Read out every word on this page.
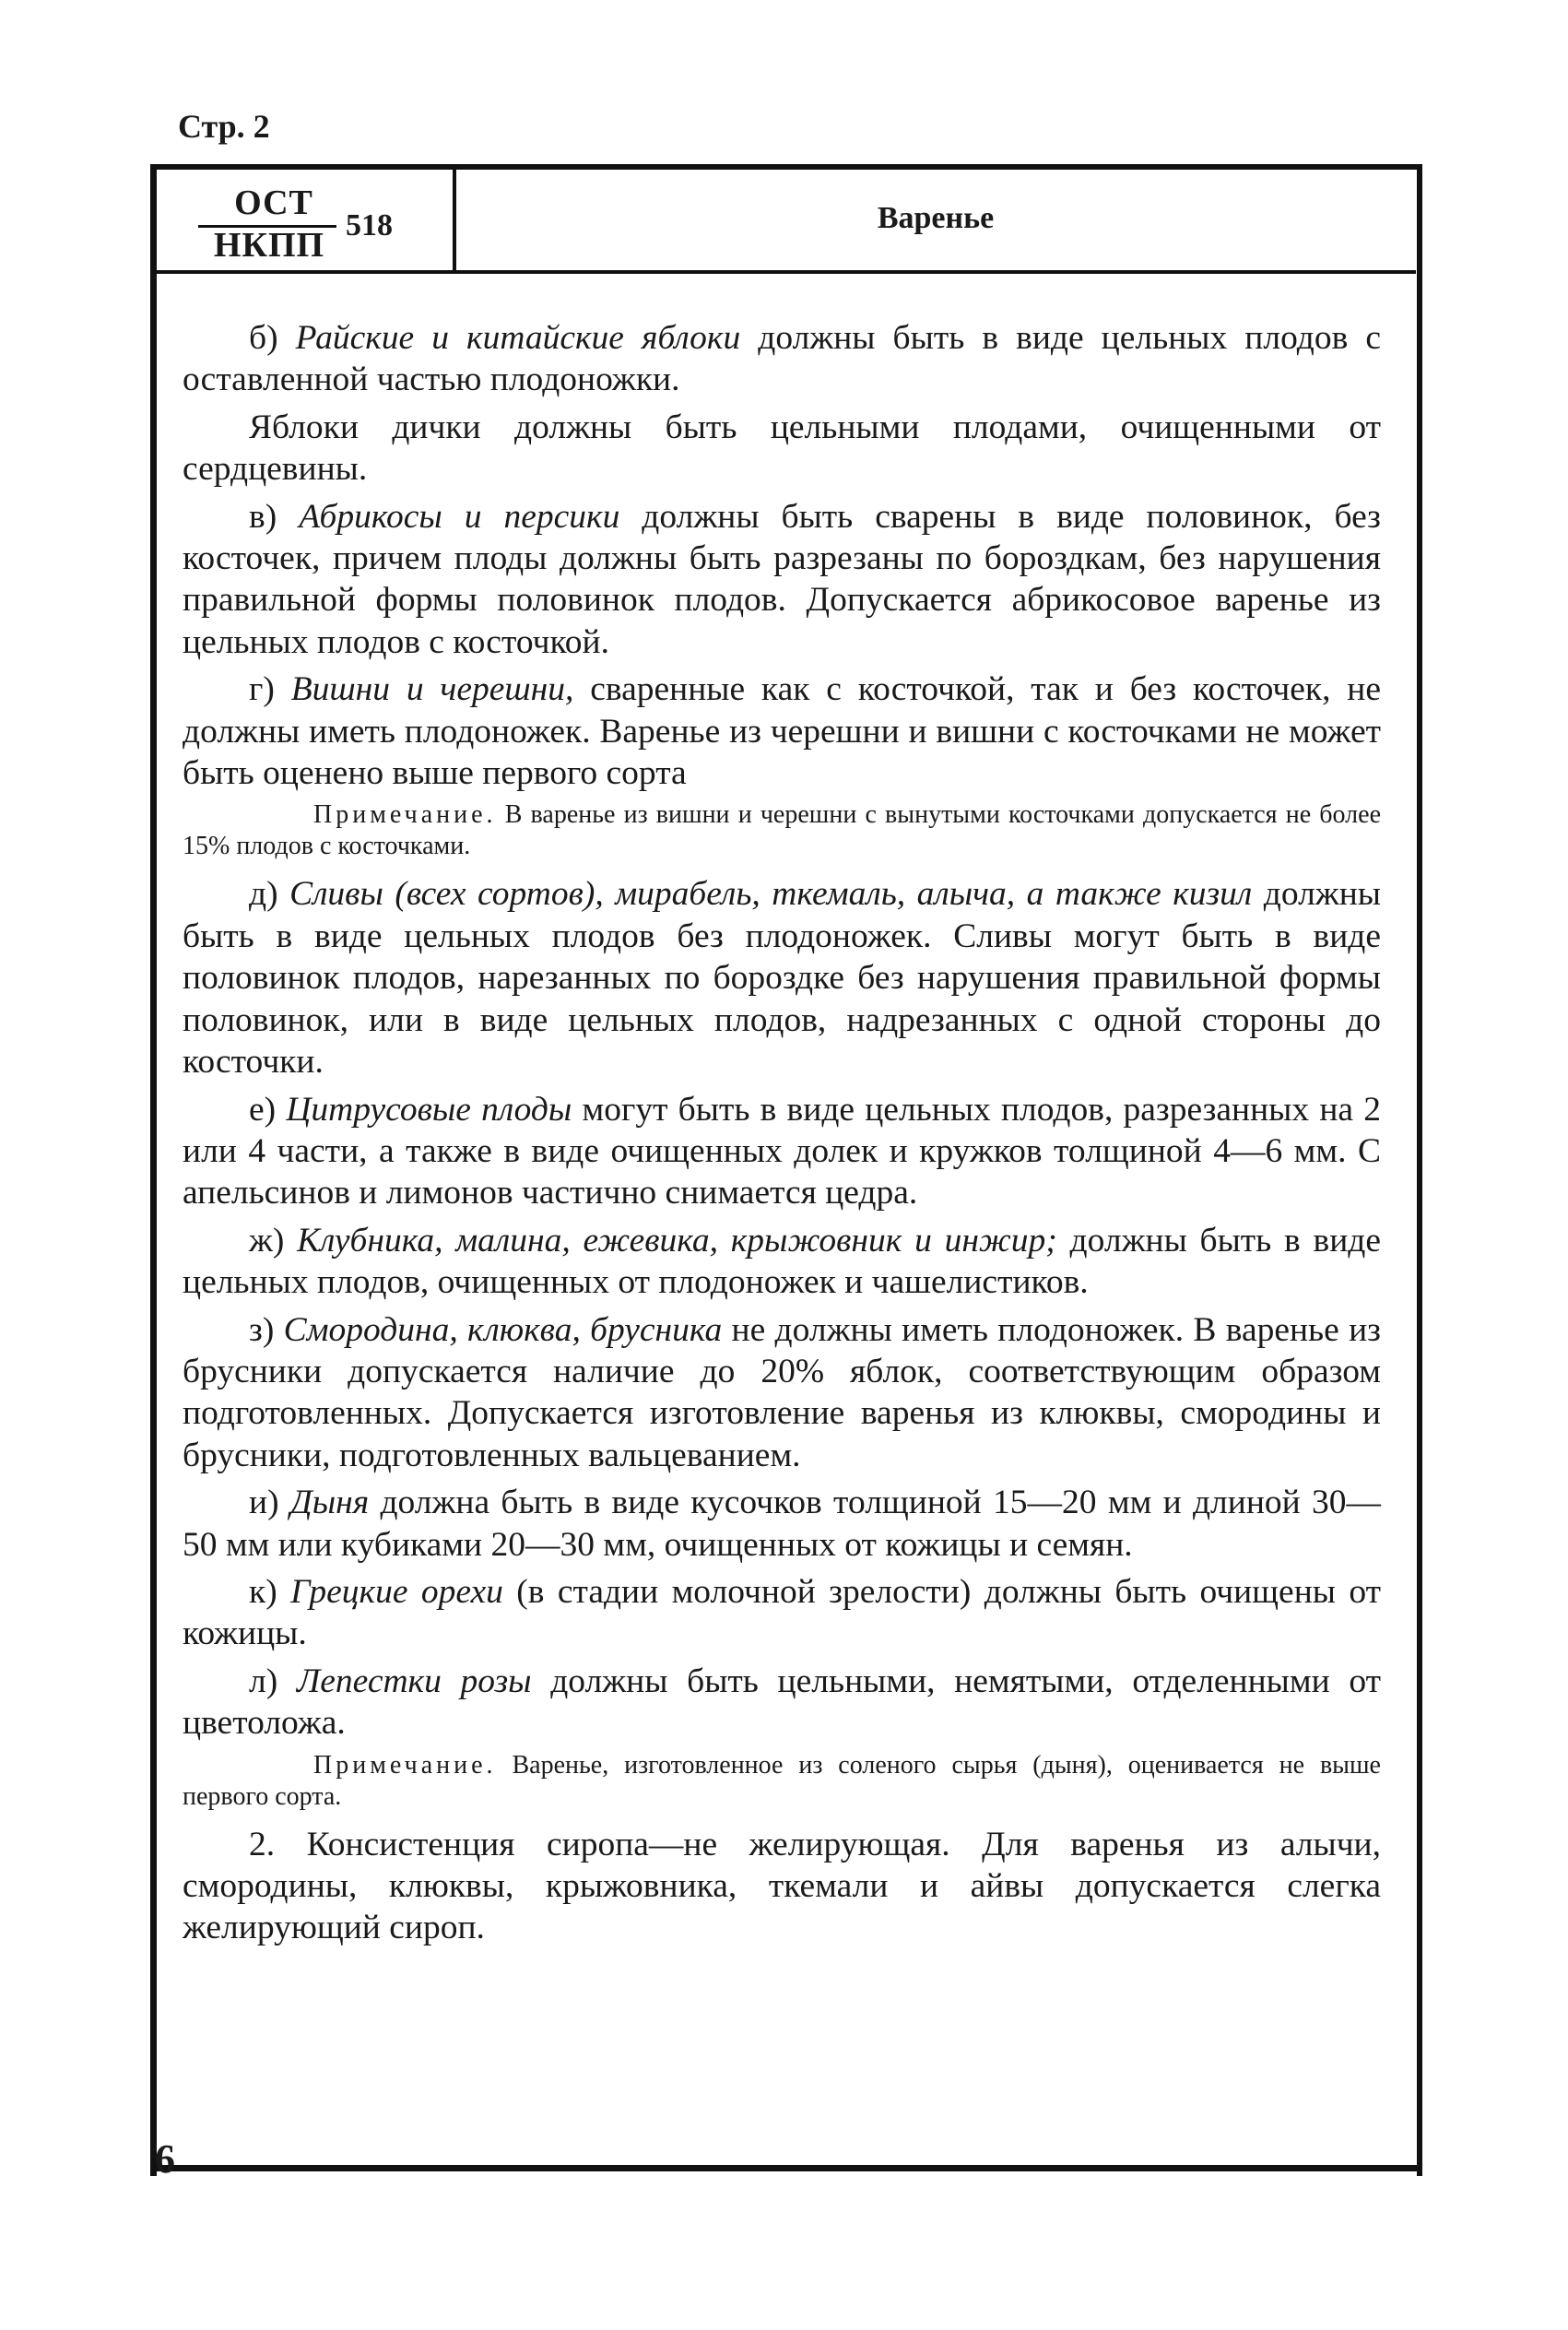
Стр. 2
ОСТ
НКПП
518	Варенье

б) Райские и китайские яблоки должны быть в виде цельных плодов с оставленной частью плодоножки.

Яблоки дички должны быть цельными плодами, очищенными от сердцевины.

в) Абрикосы и персики должны быть сварены в виде половинок, без косточек, причем плоды должны быть разрезаны по бороздкам, без нарушения правильной формы половинок плодов. Допускается абрикосовое варенье из цельных плодов с косточкой.

г) Вишни и черешни, сваренные как с косточкой, так и без косточек, не должны иметь плодоножек. Варенье из черешни и вишни с косточками не может быть оценено выше первого сорта

Примечание. В варенье из вишни и черешни с вынутыми косточками допускается не более 15% плодов с косточками.

д) Сливы (всех сортов), мирабель, ткемаль, алыча, а также кизил должны быть в виде цельных плодов без плодоножек. Сливы могут быть в виде половинок плодов, нарезанных по бороздке без нарушения правильной формы половинок, или в виде цельных плодов, надрезанных с одной стороны до косточки.

е) Цитрусовые плоды могут быть в виде цельных плодов, разрезанных на 2 или 4 части, а также в виде очищенных долек и кружков толщиной 4—6 мм. С апельсинов и лимонов частично снимается цедра.

ж) Клубника, малина, ежевика, крыжовник и инжир; должны быть в виде цельных плодов, очищенных от плодоножек и чашелистиков.

з) Смородина, клюква, брусника не должны иметь плодоножек. В варенье из брусники допускается наличие до 20% яблок, соответствующим образом подготовленных. Допускается изготовление варенья из клюквы, смородины и брусники, подготовленных вальцеванием.

и) Дыня должна быть в виде кусочков толщиной 15—20 мм и длиной 30—50 мм или кубиками 20—30 мм, очищенных от кожицы и семян.

к) Грецкие орехи (в стадии молочной зрелости) должны быть очищены от кожицы.

л) Лепестки розы должны быть цельными, немятыми, отделенными от цветоложа.

Примечание. Варенье, изготовленное из соленого сырья (дыня), оценивается не выше первого сорта.

2. Консистенция сиропа—не желирующая. Для варенья из алычи, смородины, клюквы, крыжовника, ткемали и айвы допускается слегка желирующий сироп.

6
